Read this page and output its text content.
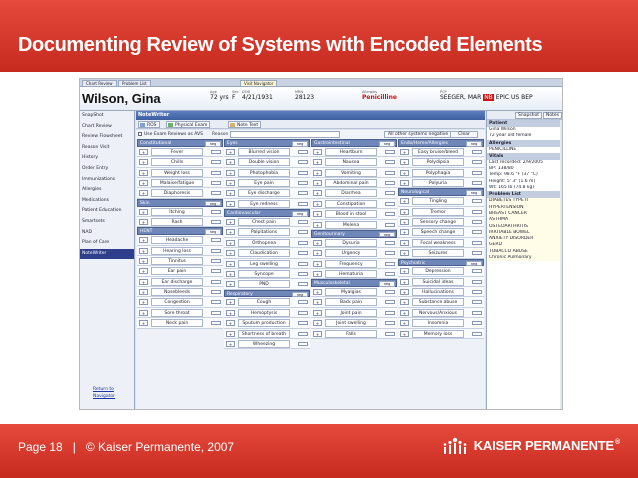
Documenting Review of Systems with Encoded Elements
Chart Review	Problem List	Visit Navigator
Wilson, Gina	Age
72 yrs
Sex
F
DOB
4/21/1931
MRN
28123
Allergies
Penicilline
PCP
SEEGER, MAR NB EPIC US BEP
SnapShot
Chart Review
Review Flowsheet
Reason Visit
History
Order Entry
Immunizations
Allergies
Medications
Patient Education
Smartsets
NAD
Plan of Care
NoteWriter
Return to
Navigator
NoteWriter
ROS	Physical Exam	Note Text
Use Exam Reviews as AVS Reason	All other systems negative	Clear
Constitutional	neg
+	Fever
+	Chills
+	Weight loss
+	Malaise/fatigue
+	Diaphoresis
Skin	neg
+	Itching
+	Rash
HENT	neg
+	Headache
+	Hearing loss
+	Tinnitus
+	Ear pain
+	Ear discharge
+	Nosebleeds
+	Congestion
+	Sore throat
+	Neck pain
Eyes	neg
+	Blurred vision
+	Double vision
+	Photophobia
+	Eye pain
+	Eye discharge
+	Eye redness
Cardiovascular	neg
+	Chest pain
+	Palpitations
+	Orthopnea
+	Claudication
+	Leg swelling
+	Syncope
+	PND
Respiratory	neg
+	Cough
+	Hemoptysis
+	Sputum production
+	Shortness of breath
+	Wheezing
Gastrointestinal	neg
+	Heartburn
+	Nausea
+	Vomiting
+	Abdominal pain
+	Diarrhea
+	Constipation
+	Blood in stool
+	Melena
Genitourinary	neg
+	Dysuria
+	Urgency
+	Frequency
+	Hematuria
Musculoskeletal	neg
+	Myalgias
+	Back pain
+	Joint pain
+	Joint swelling
+	Falls
Endo/Heme/Allergies	neg
+	Easy bruise/bleed
+	Polydipsia
+	Polyphagia
+	Polyuria
Neurological	neg
+	Tingling
+	Tremor
+	Sensory change
+	Speech change
+	Focal weakness
+	Seizures
Psychiatric	neg
+	Depression
+	Suicidal ideas
+	Hallucinations
+	Substance abuse
+	Nervous/Anxious
+	Insomnia
+	Memory loss
Snapshot	Notes
Patient
Gina Wilson
72 year old female
Allergies
PENICILLINE
Vitals
Last recorded: 2/9/2005
BP: 138/80
Temp: 98.6 °F (37 °C)
Height: 5' 3" (1.6 m)
Wt: 165 lb (74.8 kg)
Problem List
DIABETES TYPE II
HYPERTENSION
BREAST CANCER
ASTHMA
OSTEOARTHRITIS
IRRITABLE BOWEL
ANXIETY DISORDER
GERD
TOBACCO ABUSE
Chronic Pulmonary
Page 18 | © Kaiser Permanente, 2007	KAISER PERMANENTE®
